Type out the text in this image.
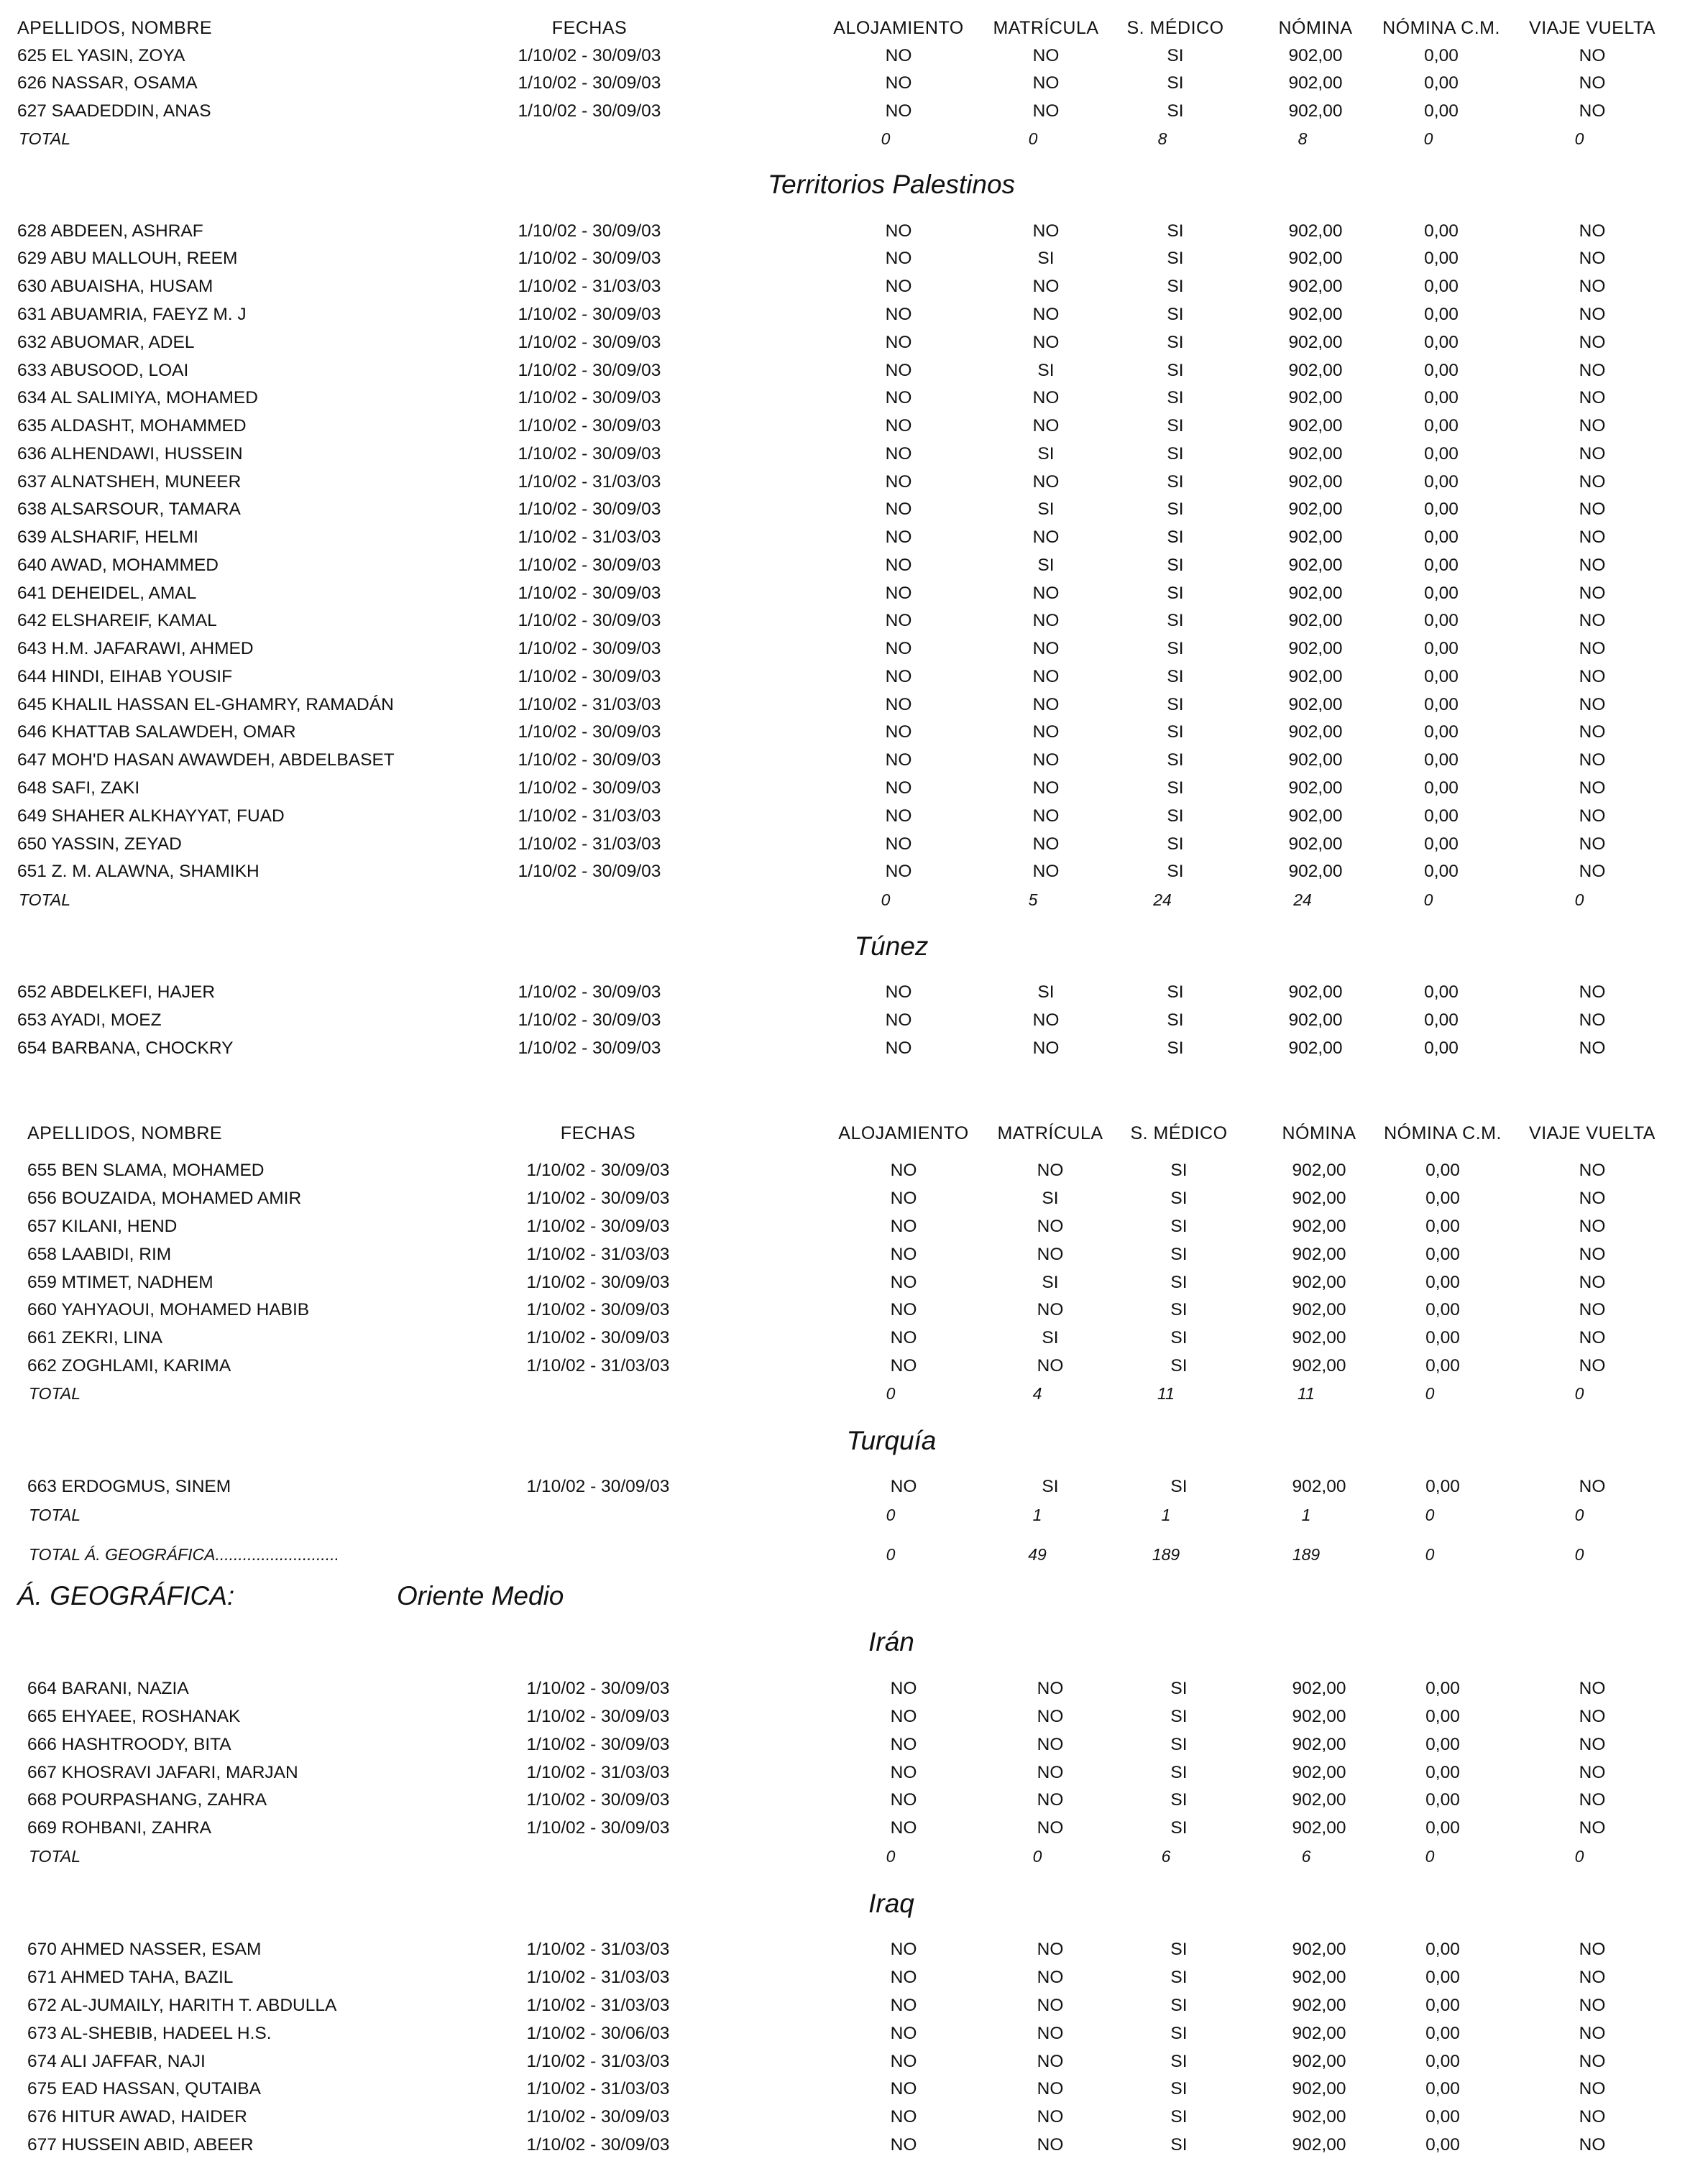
APELLIDOS, NOMBRE	FECHAS	ALOJAMIENTO	MATRÍCULA	S. MÉDICO	NÓMINA	NÓMINA C.M.	VIAJE VUELTA
625 EL YASIN, ZOYA	1/10/02 - 30/09/03	NO	NO	SI	902,00	0,00	NO
626 NASSAR, OSAMA	1/10/02 - 30/09/03	NO	NO	SI	902,00	0,00	NO
627 SAADEDDIN, ANAS	1/10/02 - 30/09/03	NO	NO	SI	902,00	0,00	NO
TOTAL	0	0	8	8	0	0
Territorios Palestinos
628 ABDEEN, ASHRAF	1/10/02 - 30/09/03	NO	NO	SI	902,00	0,00	NO
629 ABU MALLOUH, REEM	1/10/02 - 30/09/03	NO	SI	SI	902,00	0,00	NO
630 ABUAISHA, HUSAM	1/10/02 - 31/03/03	NO	NO	SI	902,00	0,00	NO
631 ABUAMRIA, FAEYZ M. J	1/10/02 - 30/09/03	NO	NO	SI	902,00	0,00	NO
632 ABUOMAR, ADEL	1/10/02 - 30/09/03	NO	NO	SI	902,00	0,00	NO
633 ABUSOOD, LOAI	1/10/02 - 30/09/03	NO	SI	SI	902,00	0,00	NO
634 AL SALIMIYA, MOHAMED	1/10/02 - 30/09/03	NO	NO	SI	902,00	0,00	NO
635 ALDASHT, MOHAMMED	1/10/02 - 30/09/03	NO	NO	SI	902,00	0,00	NO
636 ALHENDAWI, HUSSEIN	1/10/02 - 30/09/03	NO	SI	SI	902,00	0,00	NO
637 ALNATSHEH, MUNEER	1/10/02 - 31/03/03	NO	NO	SI	902,00	0,00	NO
638 ALSARSOUR, TAMARA	1/10/02 - 30/09/03	NO	SI	SI	902,00	0,00	NO
639 ALSHARIF, HELMI	1/10/02 - 31/03/03	NO	NO	SI	902,00	0,00	NO
640 AWAD, MOHAMMED	1/10/02 - 30/09/03	NO	SI	SI	902,00	0,00	NO
641 DEHEIDEL, AMAL	1/10/02 - 30/09/03	NO	NO	SI	902,00	0,00	NO
642 ELSHAREIF, KAMAL	1/10/02 - 30/09/03	NO	NO	SI	902,00	0,00	NO
643 H.M. JAFARAWI, AHMED	1/10/02 - 30/09/03	NO	NO	SI	902,00	0,00	NO
644 HINDI, EIHAB YOUSIF	1/10/02 - 30/09/03	NO	NO	SI	902,00	0,00	NO
645 KHALIL HASSAN EL-GHAMRY, RAMADÁN	1/10/02 - 31/03/03	NO	NO	SI	902,00	0,00	NO
646 KHATTAB SALAWDEH, OMAR	1/10/02 - 30/09/03	NO	NO	SI	902,00	0,00	NO
647 MOH'D HASAN AWAWDEH, ABDELBASET	1/10/02 - 30/09/03	NO	NO	SI	902,00	0,00	NO
648 SAFI, ZAKI	1/10/02 - 30/09/03	NO	NO	SI	902,00	0,00	NO
649 SHAHER ALKHAYYAT, FUAD	1/10/02 - 31/03/03	NO	NO	SI	902,00	0,00	NO
650 YASSIN, ZEYAD	1/10/02 - 31/03/03	NO	NO	SI	902,00	0,00	NO
651 Z. M. ALAWNA, SHAMIKH	1/10/02 - 30/09/03	NO	NO	SI	902,00	0,00	NO
TOTAL	0	5	24	24	0	0
Túnez
652 ABDELKEFI, HAJER	1/10/02 - 30/09/03	NO	SI	SI	902,00	0,00	NO
653 AYADI, MOEZ	1/10/02 - 30/09/03	NO	NO	SI	902,00	0,00	NO
654 BARBANA, CHOCKRY	1/10/02 - 30/09/03	NO	NO	SI	902,00	0,00	NO
APELLIDOS, NOMBRE	FECHAS	ALOJAMIENTO	MATRÍCULA	S. MÉDICO	NÓMINA	NÓMINA C.M.	VIAJE VUELTA
655 BEN SLAMA, MOHAMED	1/10/02 - 30/09/03	NO	NO	SI	902,00	0,00	NO
656 BOUZAIDA, MOHAMED AMIR	1/10/02 - 30/09/03	NO	SI	SI	902,00	0,00	NO
657 KILANI, HEND	1/10/02 - 30/09/03	NO	NO	SI	902,00	0,00	NO
658 LAABIDI, RIM	1/10/02 - 31/03/03	NO	NO	SI	902,00	0,00	NO
659 MTIMET, NADHEM	1/10/02 - 30/09/03	NO	SI	SI	902,00	0,00	NO
660 YAHYAOUI, MOHAMED HABIB	1/10/02 - 30/09/03	NO	NO	SI	902,00	0,00	NO
661 ZEKRI, LINA	1/10/02 - 30/09/03	NO	SI	SI	902,00	0,00	NO
662 ZOGHLAMI, KARIMA	1/10/02 - 31/03/03	NO	NO	SI	902,00	0,00	NO
TOTAL	0	4	11	11	0	0
Turquía
663 ERDOGMUS, SINEM	1/10/02 - 30/09/03	NO	SI	SI	902,00	0,00	NO
TOTAL	0	1	1	1	0	0
TOTAL Á. GEOGRÁFICA...........................	0	49	189	189	0	0
Á. GEOGRÁFICA:	Oriente Medio
Irán
664 BARANI, NAZIA	1/10/02 - 30/09/03	NO	NO	SI	902,00	0,00	NO
665 EHYAEE, ROSHANAK	1/10/02 - 30/09/03	NO	NO	SI	902,00	0,00	NO
666 HASHTROODY, BITA	1/10/02 - 30/09/03	NO	NO	SI	902,00	0,00	NO
667 KHOSRAVI JAFARI, MARJAN	1/10/02 - 31/03/03	NO	NO	SI	902,00	0,00	NO
668 POURPASHANG, ZAHRA	1/10/02 - 30/09/03	NO	NO	SI	902,00	0,00	NO
669 ROHBANI, ZAHRA	1/10/02 - 30/09/03	NO	NO	SI	902,00	0,00	NO
TOTAL	0	0	6	6	0	0
Iraq
670 AHMED NASSER, ESAM	1/10/02 - 31/03/03	NO	NO	SI	902,00	0,00	NO
671 AHMED TAHA, BAZIL	1/10/02 - 31/03/03	NO	NO	SI	902,00	0,00	NO
672 AL-JUMAILY, HARITH T. ABDULLA	1/10/02 - 31/03/03	NO	NO	SI	902,00	0,00	NO
673 AL-SHEBIB, HADEEL H.S.	1/10/02 - 30/06/03	NO	NO	SI	902,00	0,00	NO
674 ALI JAFFAR, NAJI	1/10/02 - 31/03/03	NO	NO	SI	902,00	0,00	NO
675 EAD HASSAN, QUTAIBA	1/10/02 - 31/03/03	NO	NO	SI	902,00	0,00	NO
676 HITUR AWAD, HAIDER	1/10/02 - 30/09/03	NO	NO	SI	902,00	0,00	NO
677 HUSSEIN ABID, ABEER	1/10/02 - 30/09/03	NO	NO	SI	902,00	0,00	NO
